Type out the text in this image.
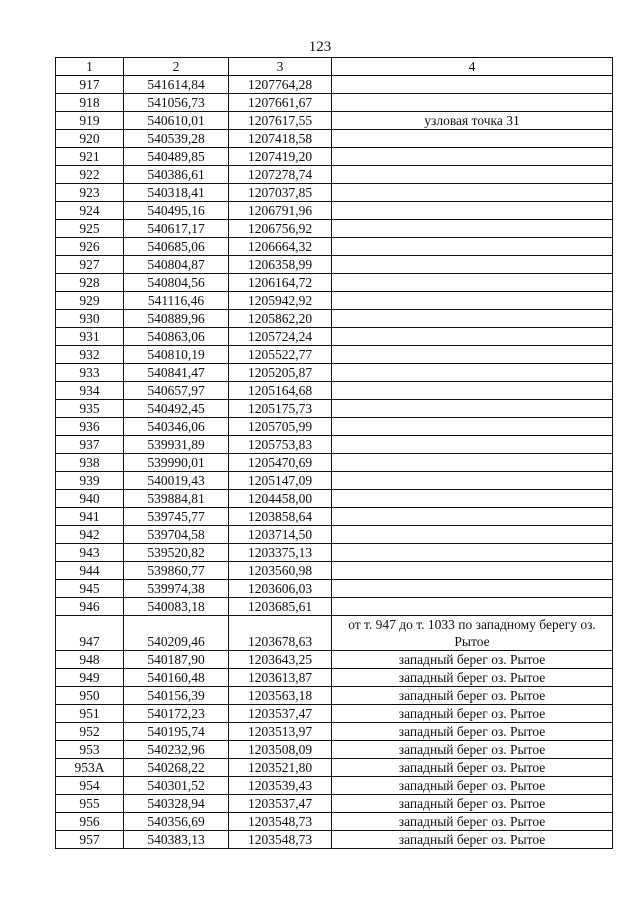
123
1	2	3	4
917	541614,84	1207764,28	
918	541056,73	1207661,67	
919	540610,01	1207617,55	узловая точка 31
920	540539,28	1207418,58	
921	540489,85	1207419,20	
922	540386,61	1207278,74	
923	540318,41	1207037,85	
924	540495,16	1206791,96	
925	540617,17	1206756,92	
926	540685,06	1206664,32	
927	540804,87	1206358,99	
928	540804,56	1206164,72	
929	541116,46	1205942,92	
930	540889,96	1205862,20	
931	540863,06	1205724,24	
932	540810,19	1205522,77	
933	540841,47	1205205,87	
934	540657,97	1205164,68	
935	540492,45	1205175,73	
936	540346,06	1205705,99	
937	539931,89	1205753,83	
938	539990,01	1205470,69	
939	540019,43	1205147,09	
940	539884,81	1204458,00	
941	539745,77	1203858,64	
942	539704,58	1203714,50	
943	539520,82	1203375,13	
944	539860,77	1203560,98	
945	539974,38	1203606,03	
946	540083,18	1203685,61	
947	540209,46	1203678,63	от т. 947 до т. 1033 по западному берегу оз. Рытое
948	540187,90	1203643,25	западный берег оз. Рытое
949	540160,48	1203613,87	западный берег оз. Рытое
950	540156,39	1203563,18	западный берег оз. Рытое
951	540172,23	1203537,47	западный берег оз. Рытое
952	540195,74	1203513,97	западный берег оз. Рытое
953	540232,96	1203508,09	западный берег оз. Рытое
953А	540268,22	1203521,80	западный берег оз. Рытое
954	540301,52	1203539,43	западный берег оз. Рытое
955	540328,94	1203537,47	западный берег оз. Рытое
956	540356,69	1203548,73	западный берег оз. Рытое
957	540383,13	1203548,73	западный берег оз. Рытое
